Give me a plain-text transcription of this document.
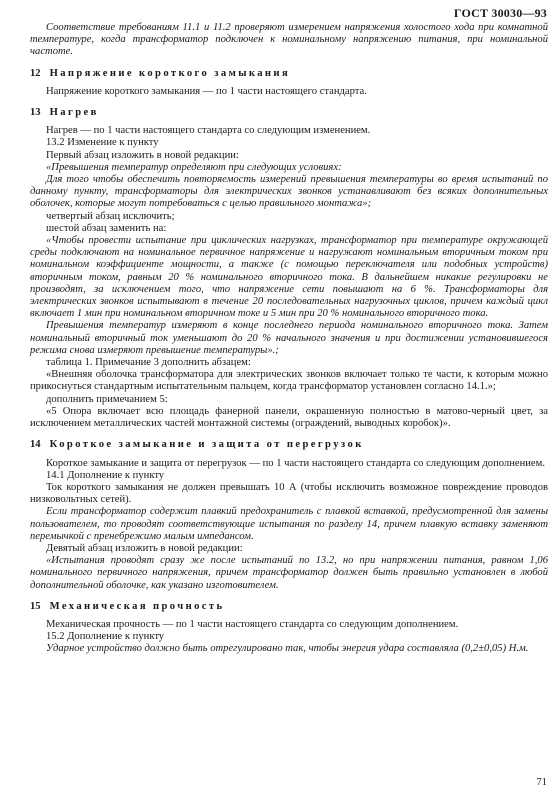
ГОСТ 30030—93

Соответствие требованиям 11.1 и 11.2 проверяют измерением напряжения холостого хода при комнатной температуре, когда трансформатор подключен к номинальному напряжению питания, при номинальной частоте.

12 Напряжение короткого замыкания

Напряжение короткого замыкания — по 1 части настоящего стандарта.

13 Нагрев

Нагрев — по 1 части настоящего стандарта со следующим изменением.

13.2 Изменение к пункту

Первый абзац изложить в новой редакции:

«Превышения температур определяют при следующих условиях:

Для того чтобы обеспечить повторяемость измерений превышения температуры во время испытаний по данному пункту, трансформаторы для электрических звонков устанавливают без всяких дополнительных оболочек, которые могут потребоваться с целью правильного монтажа»;

четвертый абзац исключить;

шестой абзац заменить на:

«Чтобы провести испытание при циклических нагрузках, трансформатор при температуре окружающей среды подключают на номинальное первичное напряжение и нагружают номинальным вторичным током при номинальном коэффициенте мощности, а также (с помощью переключателя или подобных устройств) вторичным током, равным 20 % номинального вторичного тока. В дальнейшем никакие регулировки не производят, за исключением того, что напряжение сети повышают на 6 %. Трансформаторы для электрических звонков испытывают в течение 20 последовательных нагрузочных циклов, причем каждый цикл включает 1 мин при номинальном вторичном токе и 5 мин при 20 % номинального вторичного тока.

Превышения температур измеряют в конце последнего периода номинального вторичного тока. Затем номинальный вторичный ток уменьшают до 20 % начального значения и при достижении установившегося режима снова измеряют превышение температуры».;

таблица 1. Примечание 3 дополнить абзацем:

«Внешняя оболочка трансформатора для электрических звонков включает только те части, к которым можно прикоснуться стандартным испытательным пальцем, когда трансформатор установлен согласно 14.1.»;

дополнить примечанием 5:

«5 Опора включает всю площадь фанерной панели, окрашенную полностью в матово-черный цвет, за исключением металлических частей монтажной системы (ограждений, выводных коробок)».

14 Короткое замыкание и защита от перегрузок

Короткое замыкание и защита от перегрузок — по 1 части настоящего стандарта со следующим дополнением.

14.1 Дополнение к пункту

Ток короткого замыкания не должен превышать 10 А (чтобы исключить возможное повреждение проводов низковольтных сетей).

Если трансформатор содержит плавкий предохранитель с плавкой вставкой, предусмотренной для замены пользователем, то проводят соответствующие испытания по разделу 14, причем плавкую вставку заменяют перемычкой с пренебрежимо малым импедансом.

Девятый абзац изложить в новой редакции:

«Испытания проводят сразу же после испытаний по 13.2, но при напряжении питания, равном 1,06 номинального первичного напряжения, причем трансформатор должен быть правильно установлен в любой дополнительной оболочке, как указано изготовителем.

15 Механическая прочность

Механическая прочность — по 1 части настоящего стандарта со следующим дополнением.

15.2 Дополнение к пункту

Ударное устройство должно быть отрегулировано так, чтобы энергия удара составляла (0,2±0,05) Н.м.

71
